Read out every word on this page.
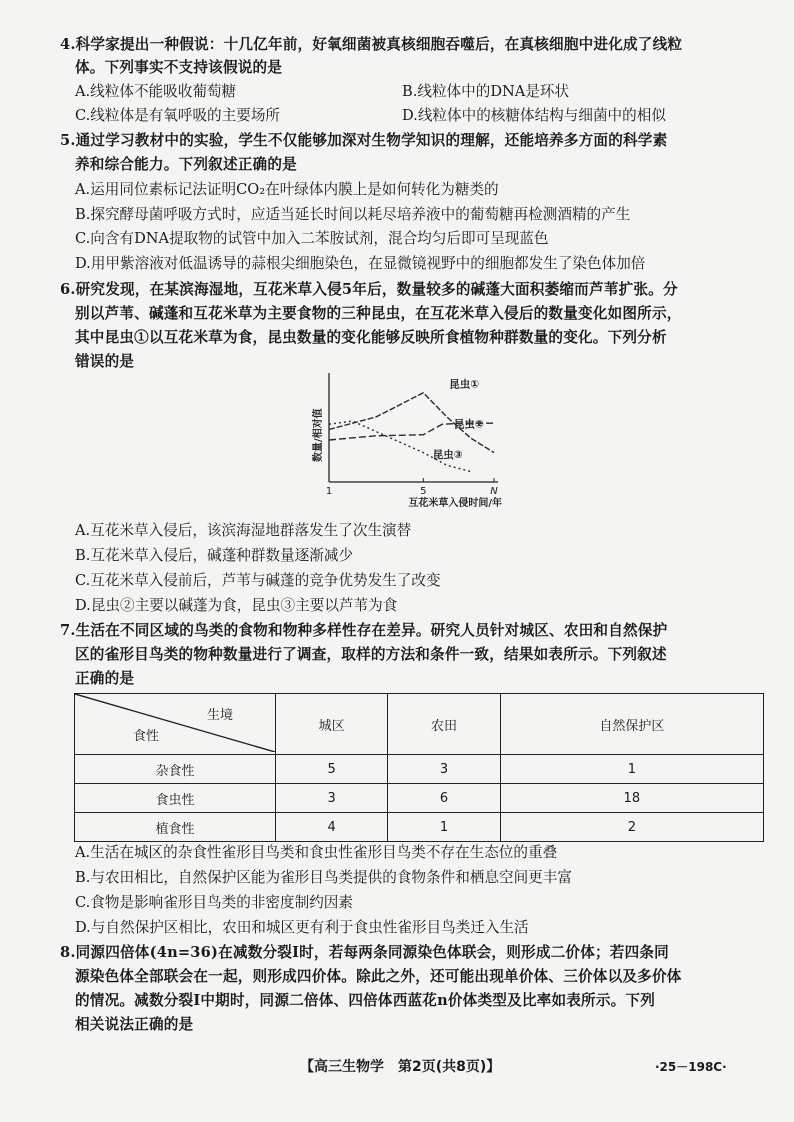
4.科学家提出一种假说：十几亿年前，好氧细菌被真核细胞吞噬后，在真核细胞中进化成了线粒
体。下列事实不支持该假说的是
A.线粒体不能吸收葡萄糖	B.线粒体中的DNA是环状
C.线粒体是有氧呼吸的主要场所	D.线粒体中的核糖体结构与细菌中的相似
5.通过学习教材中的实验，学生不仅能够加深对生物学知识的理解，还能培养多方面的科学素
养和综合能力。下列叙述正确的是
A.运用同位素标记法证明CO₂在叶绿体内膜上是如何转化为糖类的
B.探究酵母菌呼吸方式时，应适当延长时间以耗尽培养液中的葡萄糖再检测酒精的产生
C.向含有DNA提取物的试管中加入二苯胺试剂，混合均匀后即可呈现蓝色
D.用甲紫溶液对低温诱导的蒜根尖细胞染色，在显微镜视野中的细胞都发生了染色体加倍
6.研究发现，在某滨海湿地，互花米草入侵5年后，数量较多的碱蓬大面积萎缩而芦苇扩张。分
别以芦苇、碱蓬和互花米草为主要食物的三种昆虫，在互花米草入侵后的数量变化如图所示，
其中昆虫①以互花米草为食，昆虫数量的变化能够反映所食植物种群数量的变化。下列分析
错误的是
1	5	N
数量/相对值
互花米草入侵时间/年
昆虫①
昆虫②
昆虫③
A.互花米草入侵后，该滨海湿地群落发生了次生演替
B.互花米草入侵后，碱蓬种群数量逐渐减少
C.互花米草入侵前后，芦苇与碱蓬的竞争优势发生了改变
D.昆虫②主要以碱蓬为食，昆虫③主要以芦苇为食
7.生活在不同区域的鸟类的食物和物种多样性存在差异。研究人员针对城区、农田和自然保护
区的雀形目鸟类的物种数量进行了调查，取样的方法和条件一致，结果如表所示。下列叙述
正确的是
生境
食性	城区	农田	自然保护区
杂食性	5	3	1
食虫性	3	6	18
植食性	4	1	2
A.生活在城区的杂食性雀形目鸟类和食虫性雀形目鸟类不存在生态位的重叠
B.与农田相比，自然保护区能为雀形目鸟类提供的食物条件和栖息空间更丰富
C.食物是影响雀形目鸟类的非密度制约因素
D.与自然保护区相比，农田和城区更有利于食虫性雀形目鸟类迁入生活
8.同源四倍体(4n=36)在减数分裂Ⅰ时，若每两条同源染色体联会，则形成二价体；若四条同
源染色体全部联会在一起，则形成四价体。除此之外，还可能出现单价体、三价体以及多价体
的情况。减数分裂Ⅰ中期时，同源二倍体、四倍体西蓝花n价体类型及比率如表所示。下列
相关说法正确的是
【高三生物学　第2页(共8页)】	·25－198C·
